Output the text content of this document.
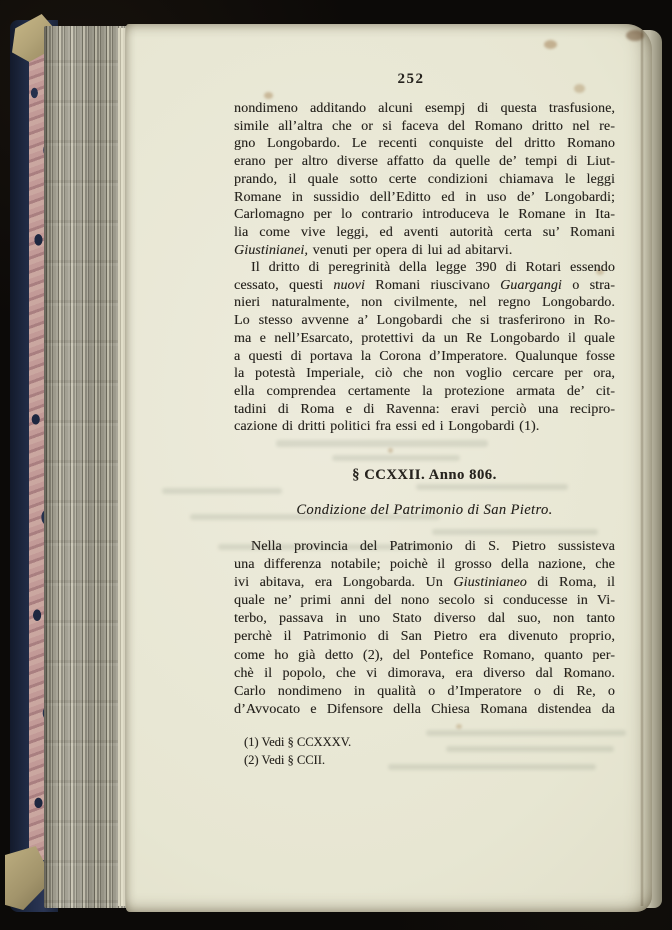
252
nondimeno additando alcuni esempj di questa trasfusione,
simile all’altra che or si faceva del Romano dritto nel re-
gno Longobardo. Le recenti conquiste del dritto Romano
erano per altro diverse affatto da quelle de’ tempi di Liut-
prando, il quale sotto certe condizioni chiamava le leggi
Romane in sussidio dell’Editto ed in uso de’ Longobardi;
Carlomagno per lo contrario introduceva le Romane in Ita-
lia come vive leggi, ed aventi autorità certa su’ Romani
Giustinianei, venuti per opera di lui ad abitarvi.
Il dritto di peregrinità della legge 390 di Rotari essendo
cessato, questi nuovi Romani riuscivano Guargangi o stra-
nieri naturalmente, non civilmente, nel regno Longobardo.
Lo stesso avvenne a’ Longobardi che si trasferirono in Ro-
ma e nell’Esarcato, protettivi da un Re Longobardo il quale
a questi di portava la Corona d’Imperatore. Qualunque fosse
la potestà Imperiale, ciò che non voglio cercare per ora,
ella comprendea certamente la protezione armata de’ cit-
tadini di Roma e di Ravenna: eravi perciò una recipro-
cazione di dritti politici fra essi ed i Longobardi (1).
§ CCXXII. Anno 806.
Condizione del Patrimonio di San Pietro.
Nella provincia del Patrimonio di S. Pietro sussisteva
una differenza notabile; poichè il grosso della nazione, che
ivi abitava, era Longobarda. Un Giustinianeo di Roma, il
quale ne’ primi anni del nono secolo si conducesse in Vi-
terbo, passava in uno Stato diverso dal suo, non tanto
perchè il Patrimonio di San Pietro era divenuto proprio,
come ho già detto (2), del Pontefice Romano, quanto per-
chè il popolo, che vi dimorava, era diverso dal Romano.
Carlo nondimeno in qualità o d’Imperatore o di Re, o
d’Avvocato e Difensore della Chiesa Romana distendea da
(1) Vedi § CCXXXV.
(2) Vedi § CCII.
